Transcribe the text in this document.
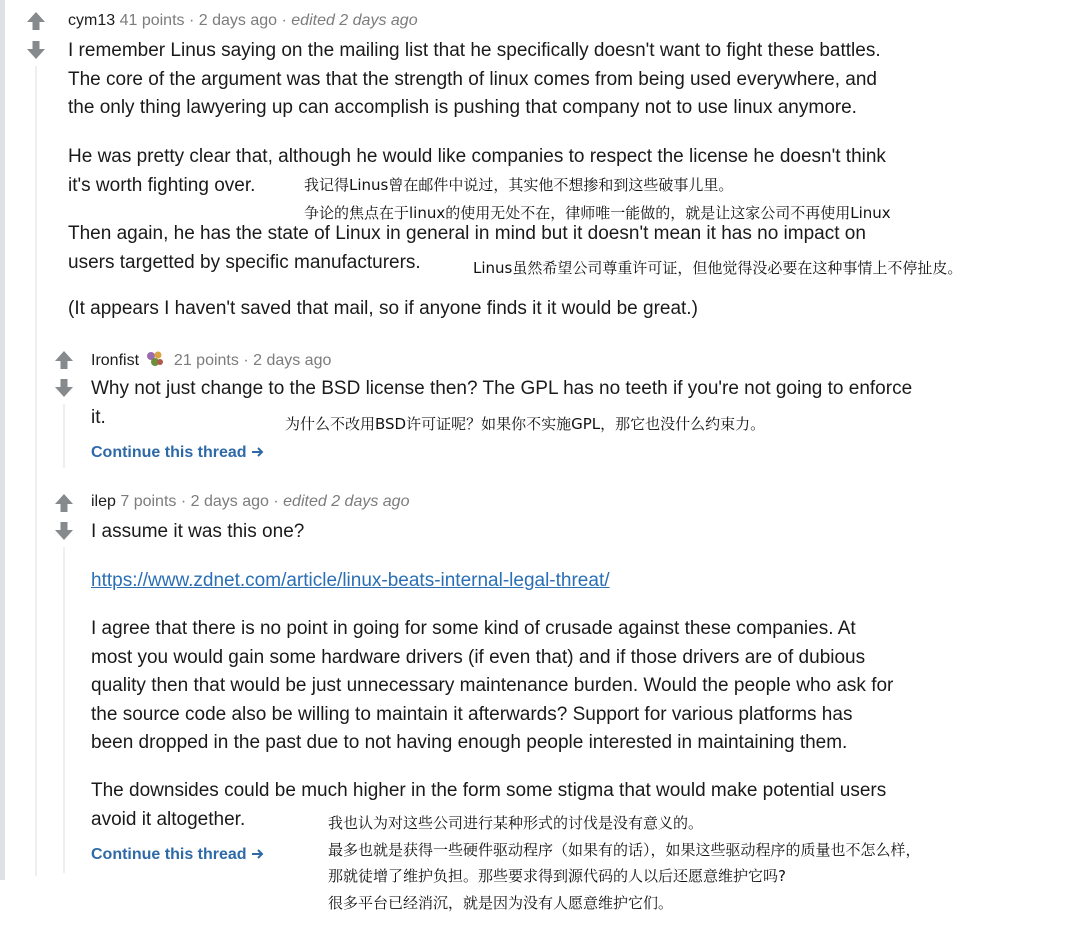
cym13 41 points · 2 days ago · edited 2 days ago
I remember Linus saying on the mailing list that he specifically doesn't want to fight these battles.
The core of the argument was that the strength of linux comes from being used everywhere, and
the only thing lawyering up can accomplish is pushing that company not to use linux anymore.
He was pretty clear that, although he would like companies to respect the license he doesn't think
it's worth fighting over.
Then again, he has the state of Linux in general in mind but it doesn't mean it has no impact on
users targetted by specific manufacturers.
(It appears I haven't saved that mail, so if anyone finds it it would be great.)
我记得Linus曾在邮件中说过，其实他不想掺和到这些破事儿里。
争论的焦点在于linux的使用无处不在，律师唯一能做的，就是让这家公司不再使用Linux
Linus虽然希望公司尊重许可证，但他觉得没必要在这种事情上不停扯皮。
Ironfist 21 points · 2 days ago
Why not just change to the BSD license then? The GPL has no teeth if you're not going to enforce
it.	为什么不改用BSD许可证呢？如果你不实施GPL，那它也没什么约束力。
Continue this thread
ilep 7 points · 2 days ago · edited 2 days ago
I assume it was this one?
https://www.zdnet.com/article/linux-beats-internal-legal-threat/
I agree that there is no point in going for some kind of crusade against these companies. At
most you would gain some hardware drivers (if even that) and if those drivers are of dubious
quality then that would be just unnecessary maintenance burden. Would the people who ask for
the source code also be willing to maintain it afterwards? Support for various platforms has
been dropped in the past due to not having enough people interested in maintaining them.
The downsides could be much higher in the form some stigma that would make potential users
avoid it altogether.
Continue this thread
我也认为对这些公司进行某种形式的讨伐是没有意义的。
最多也就是获得一些硬件驱动程序（如果有的话），如果这些驱动程序的质量也不怎么样，
那就徒增了维护负担。那些要求得到源代码的人以后还愿意维护它吗?
很多平台已经消沉，就是因为没有人愿意维护它们。
